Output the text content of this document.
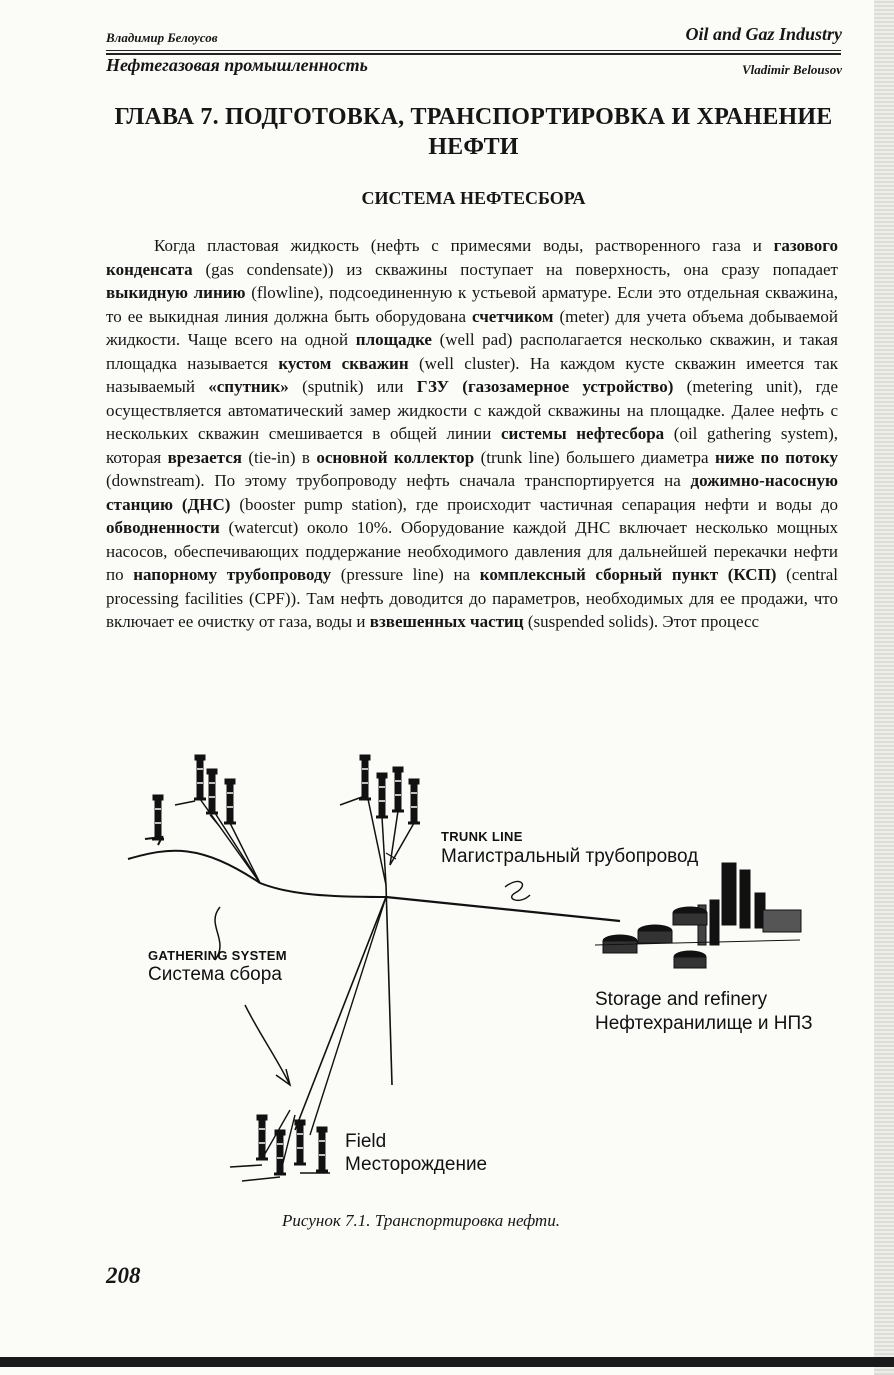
Владимир Белоусов	Oil and Gaz Industry
Нефтегазовая промышленность	Vladimir Belousov
ГЛАВА 7. ПОДГОТОВКА, ТРАНСПОРТИРОВКА И ХРАНЕНИЕ НЕФТИ
СИСТЕМА НЕФТЕСБОРА

Когда пластовая жидкость (нефть с примесями воды, растворенного газа и газового конденсата (gas condensate)) из скважины поступает на поверхность, она сразу попадает выкидную линию (flowline), подсоединенную к устьевой арматуре. Если это отдельная скважина, то ее выкидная линия должна быть оборудована счетчиком (meter) для учета объема добываемой жидкости. Чаще всего на одной площадке (well pad) располагается несколько скважин, и такая площадка называется кустом скважин (well cluster). На каждом кусте скважин имеется так называемый «спутник» (sputnik) или ГЗУ (газозамерное устройство) (metering unit), где осуществляется автоматический замер жидкости с каждой скважины на площадке. Далее нефть с нескольких скважин смешивается в общей линии системы нефтесбора (oil gathering system), которая врезается (tie-in) в основной коллектор (trunk line) большего диаметра ниже по потоку (downstream). По этому трубопроводу нефть сначала транспортируется на дожимно-насосную станцию (ДНС) (booster pump station), где происходит частичная сепарация нефти и воды до обводненности (watercut) около 10%. Оборудование каждой ДНС включает несколько мощных насосов, обеспечивающих поддержание необходимого давления для дальнейшей перекачки нефти по напорному трубопроводу (pressure line) на комплексный сборный пункт (КСП) (central processing facilities (CPF)). Там нефть доводится до параметров, необходимых для ее продажи, что включает ее очистку от газа, воды и взвешенных частиц (suspended solids). Этот процесс

TRUNK LINE
Магистральный трубопровод
GATHERING SYSTEM
Система сбора
Storage and refinery
Нефтехранилище и НПЗ
Field
Месторождение
Рисунок 7.1. Транспортировка нефти.
208
